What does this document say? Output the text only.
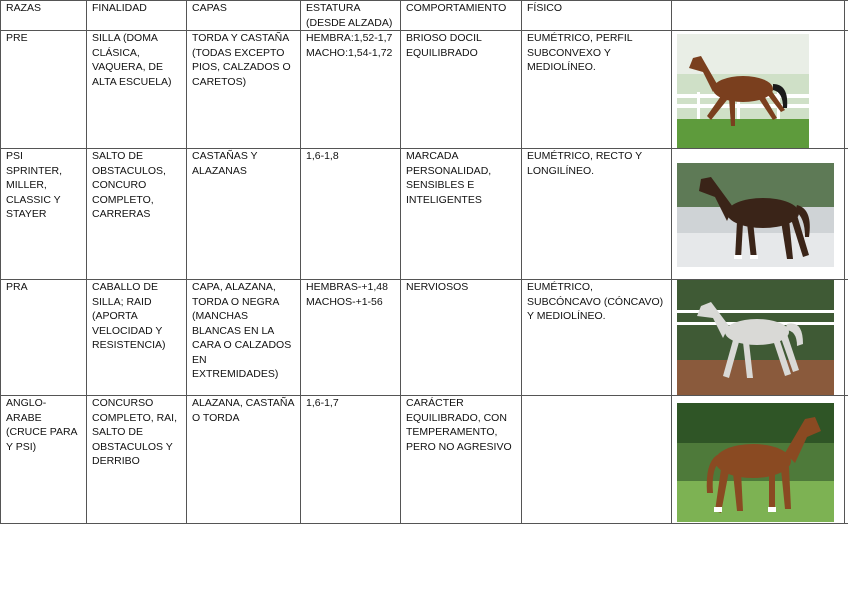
RAZAS	FINALIDAD	CAPAS	ESTATURA (DESDE ALZADA)	COMPORTAMIENTO	FÍSICO		
PRE	SILLA (DOMA CLÁSICA, VAQUERA, DE ALTA ESCUELA)	TORDA Y CASTAÑA (TODAS EXCEPTO PIOS, CALZADOS O CARETOS)	HEMBRA:1,52-1,7 MACHO:1,54-1,72	BRIOSO DOCIL EQUILIBRADO	EUMÉTRICO, PERFIL SUBCONVEXO Y MEDIOLÍNEO.	

PSI SPRINTER, MILLER, CLASSIC Y STAYER	SALTO DE OBSTACULOS, CONCURO COMPLETO, CARRERAS	CASTAÑAS Y ALAZANAS	1,6-1,8	MARCADA PERSONALIDAD, SENSIBLES E INTELIGENTES	EUMÉTRICO, RECTO Y LONGILÍNEO.	

PRA	CABALLO DE SILLA; RAID (APORTA VELOCIDAD Y RESISTENCIA)	CAPA, ALAZANA, TORDA O NEGRA (MANCHAS BLANCAS EN LA CARA O CALZADOS EN EXTREMIDADES)	HEMBRAS-+1,48 MACHOS-+1-56	NERVIOSOS	EUMÉTRICO, SUBCÓNCAVO (CÓNCAVO) Y MEDIOLÍNEO.	

ANGLO-ARABE (CRUCE PARA Y PSI)	CONCURSO COMPLETO, RAI, SALTO DE OBSTACULOS Y DERRIBO	ALAZANA, CASTAÑA O TORDA	1,6-1,7	CARÁCTER EQUILIBRADO, CON TEMPERAMENTO, PERO NO AGRESIVO		
